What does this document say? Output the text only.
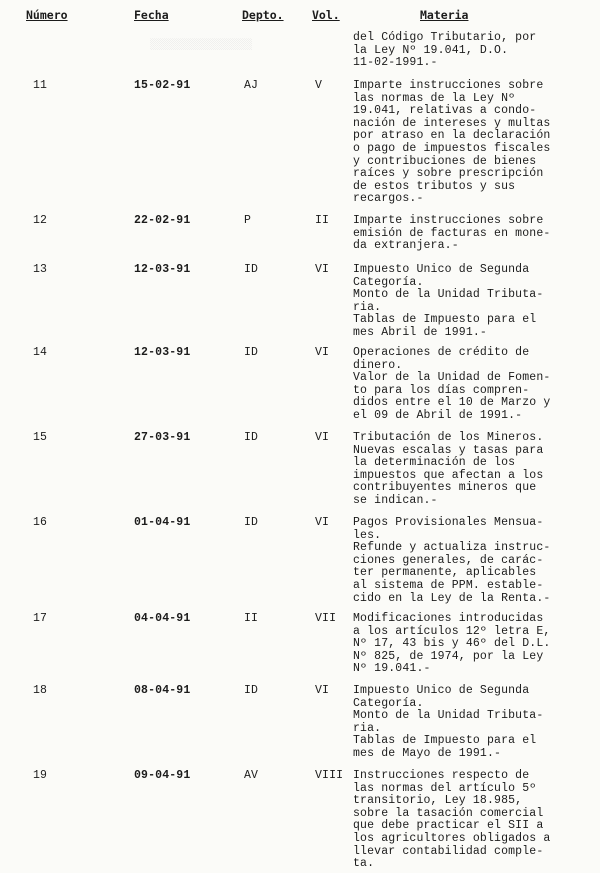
░░░░░░░░░░░░░░░░░
Número	Fecha	Depto. Vol.	Materia
del Código Tributario, por
la Ley Nº 19.041, D.O.
11-02-1991.-
11	15-02-91	AJ	V	Imparte instrucciones sobre
las normas de la Ley Nº
19.041, relativas a condo-
nación de intereses y multas
por atraso en la declaración
o pago de impuestos fiscales
y contribuciones de bienes
raíces y sobre prescripción
de estos tributos y sus
recargos.-
12	22-02-91	P	II Imparte instrucciones sobre
emisión de facturas en mone-
da extranjera.-
13	12-03-91	ID	VI Impuesto Unico de Segunda
Categoría.
Monto de la Unidad Tributa-
ria.
Tablas de Impuesto para el
mes Abril de 1991.-
14	12-03-91	ID	VI Operaciones de crédito de
dinero.
Valor de la Unidad de Fomen-
to para los días compren-
didos entre el 10 de Marzo y
el 09 de Abril de 1991.-
15	27-03-91	ID	VI Tributación de los Mineros.
Nuevas escalas y tasas para
la determinación de los
impuestos que afectan a los
contribuyentes mineros que
se indican.-
16	01-04-91	ID	VI Pagos Provisionales Mensua-
les.
Refunde y actualiza instruc-
ciones generales, de carác-
ter permanente, aplicables
al sistema de PPM. estable-
cido en la Ley de la Renta.-
17	04-04-91	II	VII Modificaciones introducidas
a los artículos 12º letra E,
Nº 17, 43 bis y 46º del D.L.
Nº 825, de 1974, por la Ley
Nº 19.041.-
18	08-04-91	ID	VI Impuesto Unico de Segunda
Categoría.
Monto de la Unidad Tributa-
ria.
Tablas de Impuesto para el
mes de Mayo de 1991.-
19	09-04-91	AV	VIII Instrucciones respecto de
las normas del artículo 5º
transitorio, Ley 18.985,
sobre la tasación comercial
que debe practicar el SII a
los agricultores obligados a
llevar contabilidad comple-
ta.
